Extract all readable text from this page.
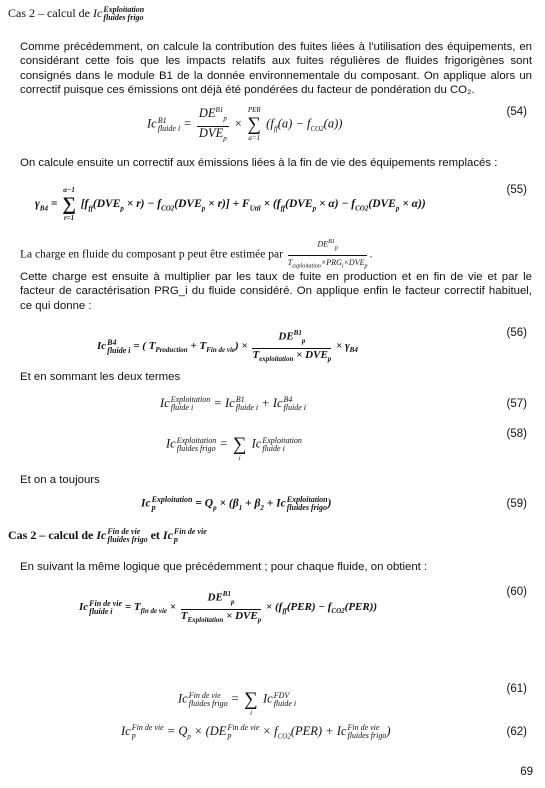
Cas 2 – calcul de Ic Exploitation
fluides frigo
Comme précédemment, on calcule la contribution des fuites liées à l'utilisation des équipements, en considérant cette fois que les impacts relatifs aux fuites régulières de fluides frigorigènes sont consignés dans le module B1 de la donnée environnementale du composant. On applique alors un correctif puisque ces émissions ont déjà été pondérées du facteur de pondération du CO₂.
Ic B1
fluide $i = \frac{DE^{B1}_p}{DVE_p}$ ×
PER
∑
a=1
$(f_{ff}(a) - f_{CO2}(a))$
(54)
On calcule ensuite un correctif aux émissions liées à la fin de vie des équipements remplacés :
$\gamma_{B4}$ =
α−1
∑
r=1
$[f_{ff}(DVE_p \times r) - f_{CO2}(DVE_p \times r)] + F_{Util} \times (f_{ff}(DVE_p \times \alpha) - f_{CO2}(DVE_p \times \alpha))$
(55)
La charge en fluide du composant p peut être estimée par $\frac{DE^{B1}_p}{T_{exploitation}\times PRG_i\times DVE_p}$ .
Cette charge est ensuite à multiplier par les taux de fuite en production et en fin de vie et par le facteur de caractérisation PRG_i du fluide considéré. On applique enfin le facteur correctif habituel, ce qui donne :
Ic B4
fluide i = ( $T_{Production} + T_{Fin de vie}) \times \frac{DE^{B1}_p}{T_{exploitation} \times DVE_p} \times \gamma_{B4}$
(56)
Et en sommant les deux termes
Ic Exploitation
fluide i	= Ic B1
fluide i + Ic B4
fluide i	(57)
Ic Exploitation
fluides frigo =
∑
i
Ic Exploitation
fluide i
(58)
Et on a toujours
Ic Exploitation
p	= $Q_p \times (\beta_1 + \beta_2 + Ic$ Exploitation
fluides frigo )	(59)
Cas 2 – calcul de Ic Fin de vie
fluides frigo et Ic Fin de vie
p
En suivant la même logique que précédemment ; pour chaque fluide, on obtient :
Ic Fin de vie
fluide $i = T_{fin de vie} \times \frac{DE^{B1}_p}{T_{Exploitation} \times DVE_p} \times (f_{ff}(PER) - f_{CO2}(PER))$
(60)
Ic Fin de vie
fluides frigo =
∑
i
Ic FDV
fluide i
(61)
Ic Fin de vie
p	= $Q_p \times (DE$ Fin de vie
p	× $f_{CO2}(PER) + Ic$ Fin de vie
fluides frigo )	(62)
69
